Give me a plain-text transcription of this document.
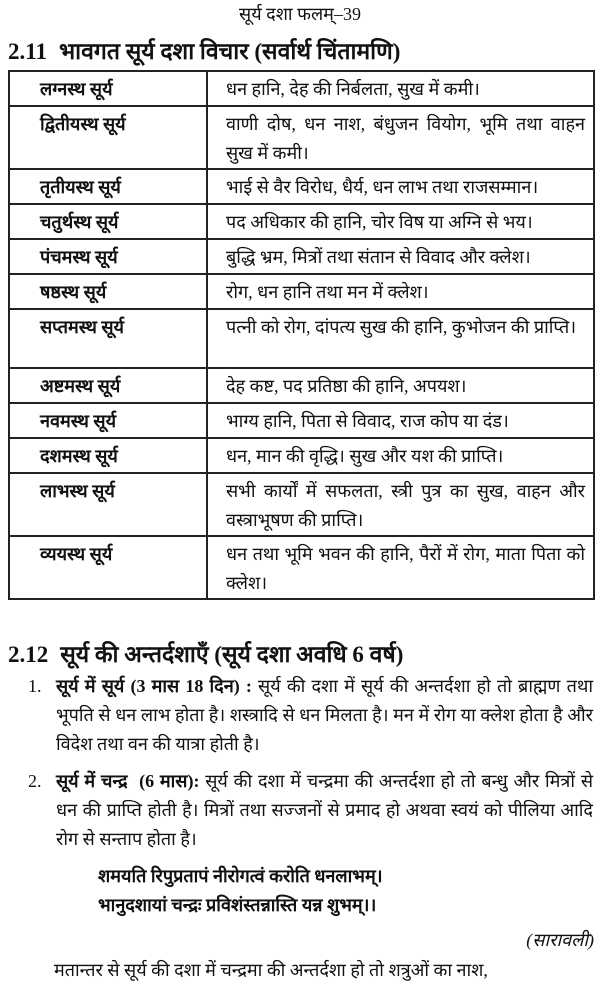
सूर्य दशा फलम्–39
2.11 भावगत सूर्य दशा विचार (सर्वार्थ चिंतामणि)
लग्नस्थ सूर्य	धन हानि, देह की निर्बलता, सुख में कमी।
द्वितीयस्थ सूर्य	वाणी दोष, धन नाश, बंधुजन वियोग, भूमि तथा वाहन सुख में कमी।
तृतीयस्थ सूर्य	भाई से वैर विरोध, धैर्य, धन लाभ तथा राजसम्मान।
चतुर्थस्थ सूर्य	पद अधिकार की हानि, चोर विष या अग्नि से भय।
पंचमस्थ सूर्य	बुद्धि भ्रम, मित्रों तथा संतान से विवाद और क्लेश।
षष्ठस्थ सूर्य	रोग, धन हानि तथा मन में क्लेश।
सप्तमस्थ सूर्य	पत्नी को रोग, दांपत्य सुख की हानि, कुभोजन की प्राप्ति।
अष्टमस्थ सूर्य	देह कष्ट, पद प्रतिष्ठा की हानि, अपयश।
नवमस्थ सूर्य	भाग्य हानि, पिता से विवाद, राज कोप या दंड।
दशमस्थ सूर्य	धन, मान की वृद्धि। सुख और यश की प्राप्ति।
लाभस्थ सूर्य	सभी कार्यों में सफलता, स्त्री पुत्र का सुख, वाहन और वस्त्राभूषण की प्राप्ति।
व्ययस्थ सूर्य	धन तथा भूमि भवन की हानि, पैरों में रोग, माता पिता को क्लेश।
2.12 सूर्य की अन्तर्दशाएँ (सूर्य दशा अवधि 6 वर्ष)
1. सूर्य में सूर्य (3 मास 18 दिन) : सूर्य की दशा में सूर्य की अन्तर्दशा हो तो ब्राह्मण तथा भूपति से धन लाभ होता है। शस्त्रादि से धन मिलता है। मन में रोग या क्लेश होता है और विदेश तथा वन की यात्रा होती है।
2. सूर्य में चन्द्र  (6 मास): सूर्य की दशा में चन्द्रमा की अन्तर्दशा हो तो बन्धु और मित्रों से धन की प्राप्ति होती है। मित्रों तथा सज्जनों से प्रमाद हो अथवा स्वयं को पीलिया आदि रोग से सन्ताप होता है।
शमयति रिपुप्रतापं नीरोगत्वं करोति धनलाभम्।
भानुदशायां चन्द्रः प्रविशंस्तन्नास्ति यन्न शुभम्।।
(सारावली)
मतान्तर से सूर्य की दशा में चन्द्रमा की अन्तर्दशा हो तो शत्रुओं का नाश,
